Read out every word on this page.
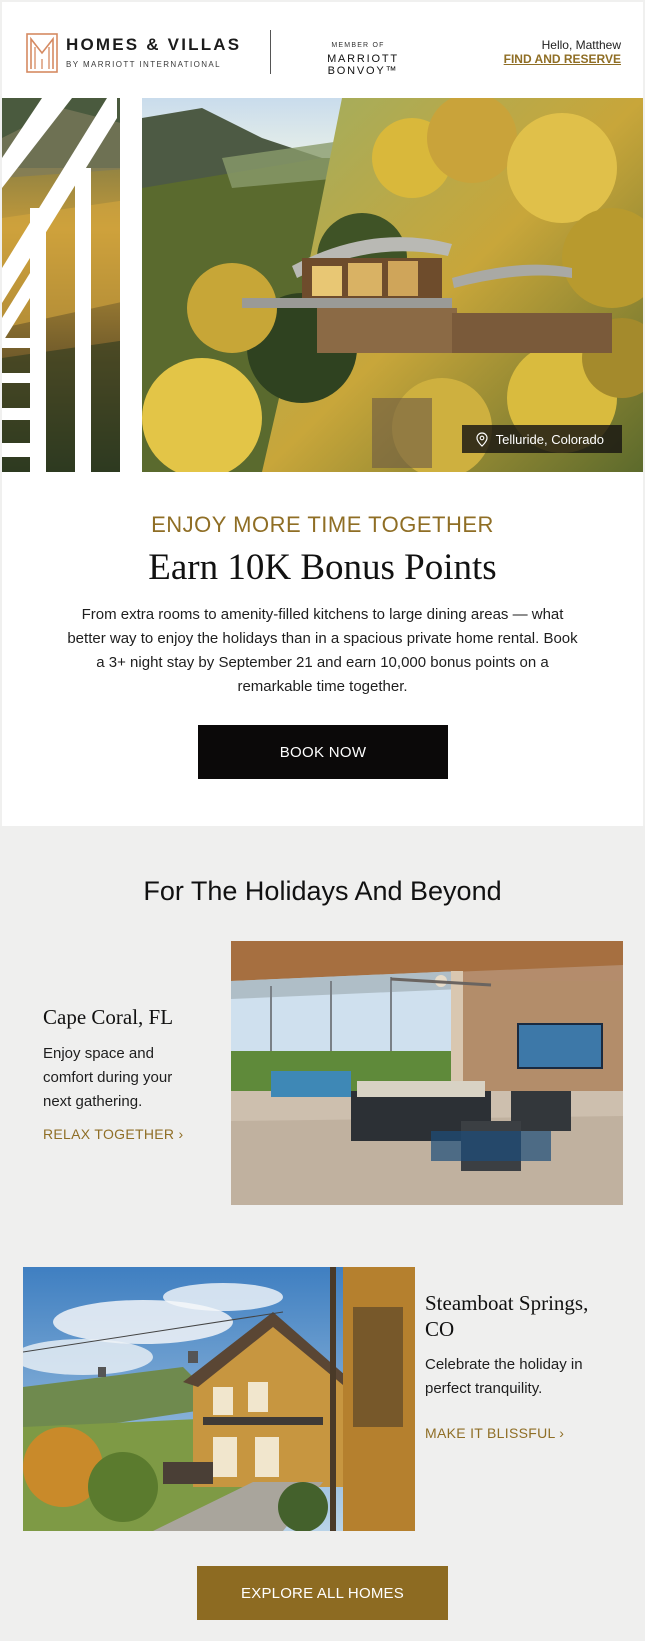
HOMES & VILLAS
BY MARRIOTT INTERNATIONAL
MEMBER OF
MARRIOTT BONVOY™
Hello, Matthew
FIND AND RESERVE
Telluride, Colorado
ENJOY MORE TIME TOGETHER
Earn 10K Bonus Points
From extra rooms to amenity-filled kitchens to large dining areas — what better way to enjoy the holidays than in a spacious private home rental. Book a 3+ night stay by September 21 and earn 10,000 bonus points on a remarkable time together.
BOOK NOW
For The Holidays And Beyond
Cape Coral, FL
Enjoy space and comfort during your next gathering.
RELAX TOGETHER ›
Steamboat Springs, CO
Celebrate the holiday in perfect tranquility.
MAKE IT BLISSFUL ›
EXPLORE ALL HOMES
